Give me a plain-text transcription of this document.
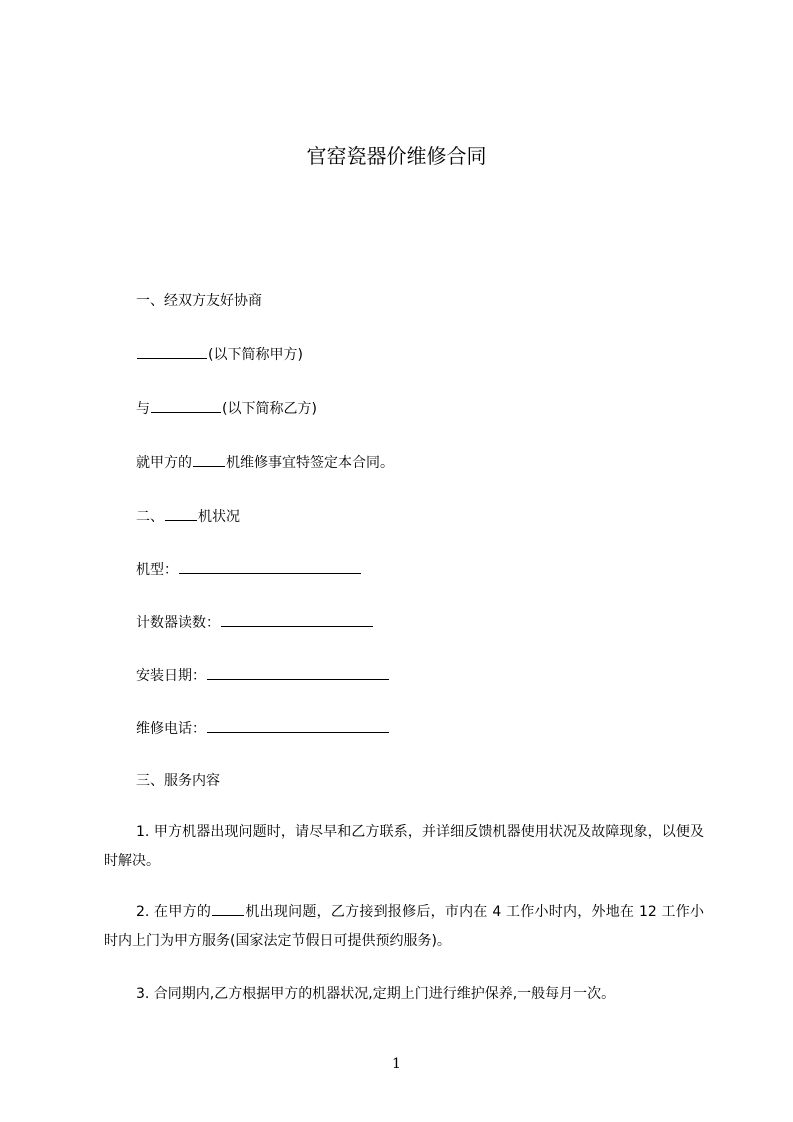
官窑瓷器价维修合同
一、经双方友好协商
(以下简称甲方)
与	(以下简称乙方)
就甲方的 机维修事宜特签定本合同。
二、 机状况
机型：
计数器读数：
安装日期：
维修电话：
三、服务内容
1. 甲方机器出现问题时，请尽早和乙方联系，并详细反馈机器使用状况及故障现象，以便及时解决。
2. 在甲方的 机出现问题，乙方接到报修后，市内在 4 工作小时内，外地在 12 工作小时内上门为甲方服务(国家法定节假日可提供预约服务)。
3. 合同期内,乙方根据甲方的机器状况,定期上门进行维护保养,一般每月一次。
1
